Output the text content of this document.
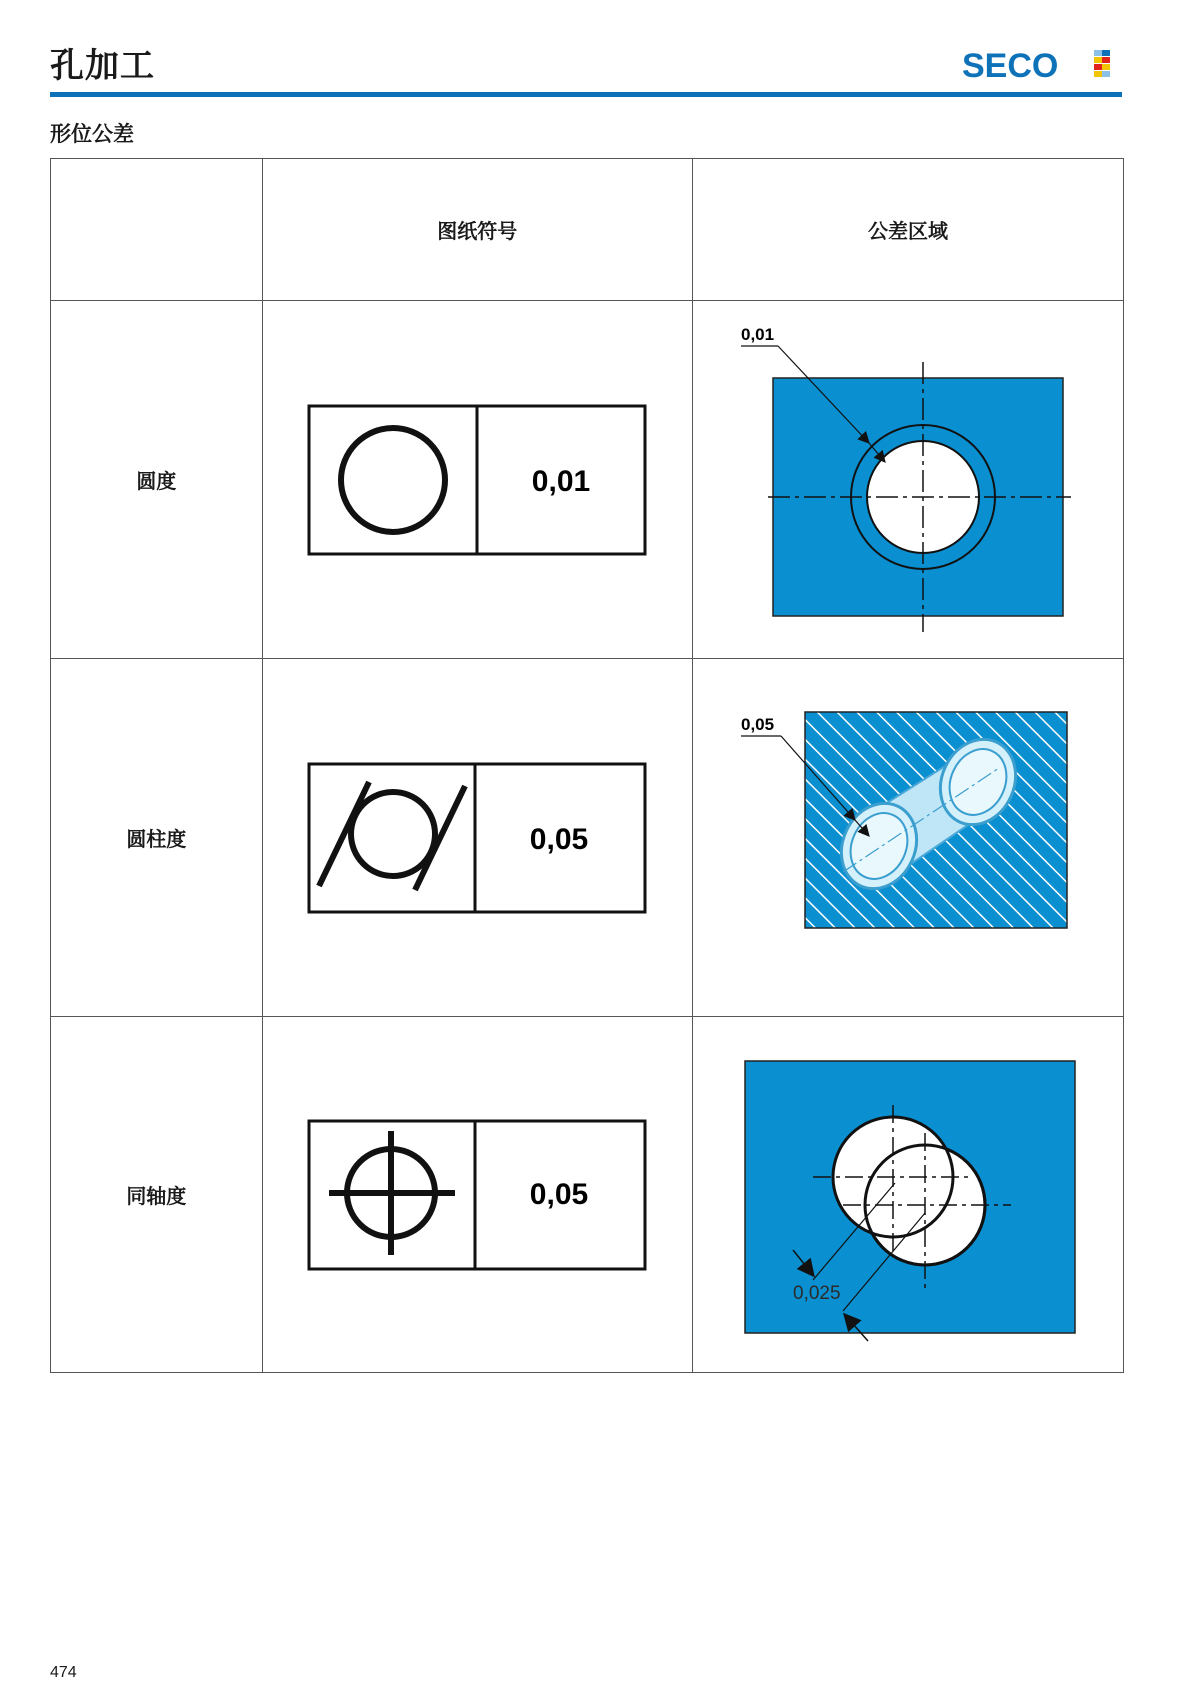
孔加工	SECO
形位公差

	图纸符号	公差区域

圆度	0,01	0,01

圆柱度	0,05	0,05

同轴度	0,05	0,025
474
